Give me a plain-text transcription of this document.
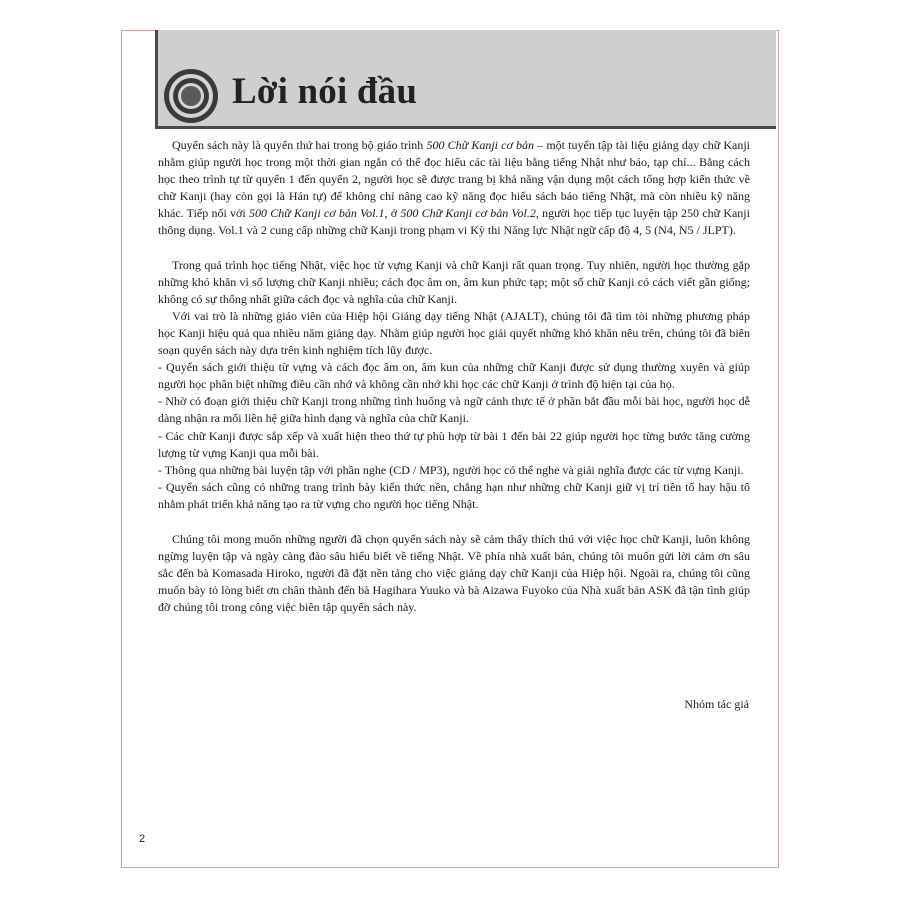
Lời nói đầu

Quyển sách này là quyển thứ hai trong bộ giáo trình 500 Chữ Kanji cơ bản – một tuyển tập tài liệu giảng dạy chữ Kanji nhằm giúp người học trong một thời gian ngắn có thể đọc hiểu các tài liệu bằng tiếng Nhật như báo, tạp chí... Bằng cách học theo trình tự từ quyển 1 đến quyển 2, người học sẽ được trang bị khả năng vận dụng một cách tổng hợp kiến thức về chữ Kanji (hay còn gọi là Hán tự) để không chỉ nâng cao kỹ năng đọc hiểu sách báo tiếng Nhật, mà còn nhiều kỹ năng khác. Tiếp nối với 500 Chữ Kanji cơ bản Vol.1, ở 500 Chữ Kanji cơ bản Vol.2, người học tiếp tục luyện tập 250 chữ Kanji thông dụng. Vol.1 và 2 cung cấp những chữ Kanji trong phạm vi Kỳ thi Năng lực Nhật ngữ cấp độ 4, 5 (N4, N5 / JLPT).

Trong quá trình học tiếng Nhật, việc học từ vựng Kanji và chữ Kanji rất quan trọng. Tuy nhiên, người học thường gặp những khó khăn vì số lượng chữ Kanji nhiều; cách đọc âm on, âm kun phức tạp; một số chữ Kanji có cách viết gần giống; không có sự thống nhất giữa cách đọc và nghĩa của chữ Kanji.

Với vai trò là những giáo viên của Hiệp hội Giảng dạy tiếng Nhật (AJALT), chúng tôi đã tìm tòi những phương pháp học Kanji hiệu quả qua nhiều năm giảng dạy. Nhằm giúp người học giải quyết những khó khăn nêu trên, chúng tôi đã biên soạn quyển sách này dựa trên kinh nghiệm tích lũy được.

- Quyển sách giới thiệu từ vựng và cách đọc âm on, âm kun của những chữ Kanji được sử dụng thường xuyên và giúp người học phân biệt những điều cần nhớ và không cần nhớ khi học các chữ Kanji ở trình độ hiện tại của họ.

- Nhờ có đoạn giới thiệu chữ Kanji trong những tình huống và ngữ cảnh thực tế ở phần bắt đầu mỗi bài học, người học dễ dàng nhận ra mối liên hệ giữa hình dạng và nghĩa của chữ Kanji.

- Các chữ Kanji được sắp xếp và xuất hiện theo thứ tự phù hợp từ bài 1 đến bài 22 giúp người học từng bước tăng cường lượng từ vựng Kanji qua mỗi bài.

- Thông qua những bài luyện tập với phần nghe (CD / MP3), người học có thể nghe và giải nghĩa được các từ vựng Kanji.

- Quyển sách cũng có những trang trình bày kiến thức nền, chẳng hạn như những chữ Kanji giữ vị trí tiền tố hay hậu tố nhằm phát triển khả năng tạo ra từ vựng cho người học tiếng Nhật.

Chúng tôi mong muốn những người đã chọn quyển sách này sẽ cảm thấy thích thú với việc học chữ Kanji, luôn không ngừng luyện tập và ngày càng đào sâu hiểu biết về tiếng Nhật. Về phía nhà xuất bản, chúng tôi muốn gửi lời cảm ơn sâu sắc đến bà Komasada Hiroko, người đã đặt nền tảng cho việc giảng dạy chữ Kanji của Hiệp hội. Ngoài ra, chúng tôi cũng muốn bày tỏ lòng biết ơn chân thành đến bà Hagihara Yuuko và bà Aizawa Fuyoko của Nhà xuất bản ASK đã tận tình giúp đỡ chúng tôi trong công việc biên tập quyển sách này.

Nhóm tác giả
2
